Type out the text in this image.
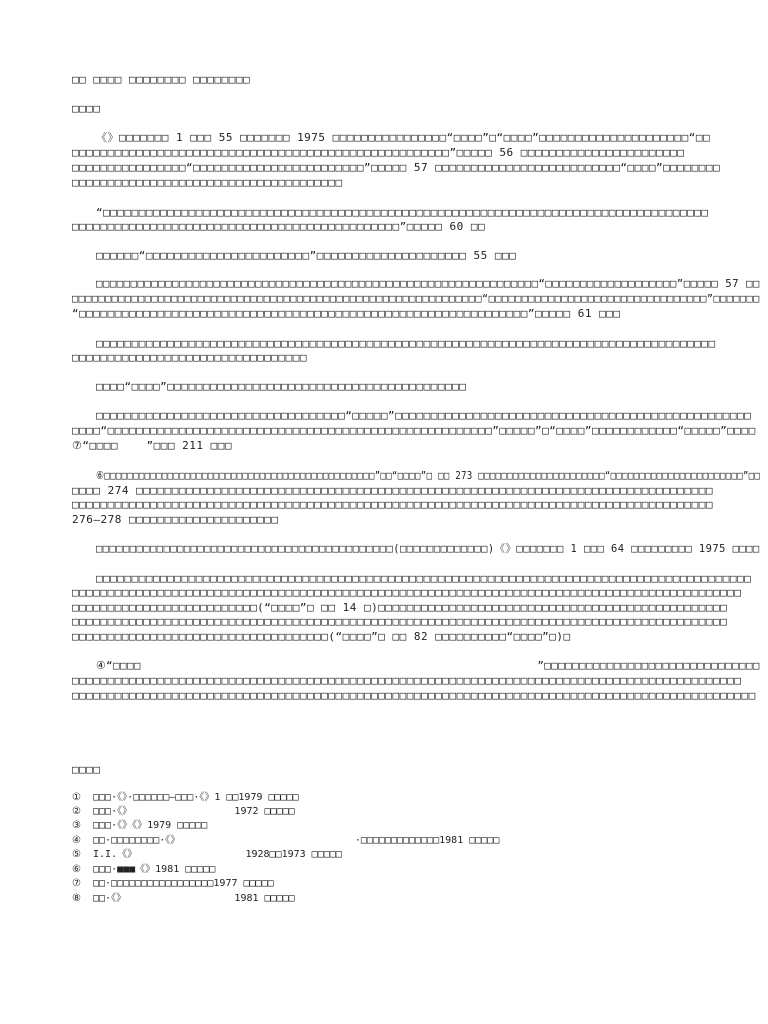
□□ □□□□ □□□□□□□□ □□□□□□□□
□□□□
《》□□□□□□□ 1 □□□ 55 □□□□□□□ 1975 □□□□□□□□□□□□□□□□“□□□□”□“□□□□”□□□□□□□□□□□□□□□□□□□□□“□□
□□□□□□□□□□□□□□□□□□□□□□□□□□□□□□□□□□□□□□□□□□□□□□□□□□□□□”□□□□□ 56 □□□□□□□□□□□□□□□□□□□□□□□
□□□□□□□□□□□□□□□□“□□□□□□□□□□□□□□□□□□□□□□□□”□□□□□ 57 □□□□□□□□□□□□□□□□□□□□□□□□□□“□□□□”□□□□□□□□
□□□□□□□□□□□□□□□□□□□□□□□□□□□□□□□□□□□□□□
“□□□□□□□□□□□□□□□□□□□□□□□□□□□□□□□□□□□□□□□□□□□□□□□□□□□□□□□□□□□□□□□□□□□□□□□□□□□□□□□□□□□□□
□□□□□□□□□□□□□□□□□□□□□□□□□□□□□□□□□□□□□□□□□□□□□□”□□□□□ 60 □□
□□□□□□“□□□□□□□□□□□□□□□□□□□□□□□”□□□□□□□□□□□□□□□□□□□□□ 55 □□□
□□□□□□□□□□□□□□□□□□□□□□□□□□□□□□□□□□□□□□□□□□□□□□□□□□□□□□□□□□□□□□□□“□□□□□□□□□□□□□□□□□□□”□□□□□ 57 □□
□□□□□□□□□□□□□□□□□□□□□□□□□□□□□□□□□□□□□□□□□□□□□□□□□□□□□□□□□□□□□□“□□□□□□□□□□□□□□□□□□□□□□□□□□□□□□□□□”□□□□□□□
“□□□□□□□□□□□□□□□□□□□□□□□□□□□□□□□□□□□□□□□□□□□□□□□□□□□□□□□□□□□□□□□”□□□□□ 61 □□□
□□□□□□□□□□□□□□□□□□□□□□□□□□□□□□□□□□□□□□□□□□□□□□□□□□□□□□□□□□□□□□□□□□□□□□□□□□□□□□□□□□□□□□□
□□□□□□□□□□□□□□□□□□□□□□□□□□□□□□□□□
□□□□“□□□□”□□□□□□□□□□□□□□□□□□□□□□□□□□□□□□□□□□□□□□□□□□
□□□□□□□□□□□□□□□□□□□□□□□□□□□□□□□□□□□“□□□□□”□□□□□□□□□□□□□□□□□□□□□□□□□□□□□□□□□□□□□□□□□□□□□□□□□□
□□□□“□□□□□□□□□□□□□□□□□□□□□□□□□□□□□□□□□□□□□□□□□□□□□□□□□□□□□□”□□□□□”□“□□□□”□□□□□□□□□□□□“□□□□□”□□□□
⑦“□□□□    ”□□□ 211 □□□
⑥□□□□□□□□□□□□□□□□□□□□□□□□□□□□□□□□□□□□□□□□□□□□□□□”□□“□□□□”□ □□ 273 □□□□□□□□□□□□□□□□□□□□□□“□□□□□□□□□□□□□□□□□□□□□□□”□□
□□□□ 274 □□□□□□□□□□□□□□□□□□□□□□□□□□□□□□□□□□□□□□□□□□□□□□□□□□□□□□□□□□□□□□□□□□□□□□□□□□□□□□□□□
□□□□□□□□□□□□□□□□□□□□□□□□□□□□□□□□□□□□□□□□□□□□□□□□□□□□□□□□□□□□□□□□□□□□□□□□□□□□□□□□□□□□□□□□□□
276–278 □□□□□□□□□□□□□□□□□□□□□
□□□□□□□□□□□□□□□□□□□□□□□□□□□□□□□□□□□□□□□□□□□□(□□□□□□□□□□□□□)《》□□□□□□□ 1 □□□ 64 □□□□□□□□□ 1975 □□□□
□□□□□□□□□□□□□□□□□□□□□□□□□□□□□□□□□□□□□□□□□□□□□□□□□□□□□□□□□□□□□□□□□□□□□□□□□□□□□□□□□□□□□□□□□□□□
□□□□□□□□□□□□□□□□□□□□□□□□□□□□□□□□□□□□□□□□□□□□□□□□□□□□□□□□□□□□□□□□□□□□□□□□□□□□□□□□□□□□□□□□□□□□□□
□□□□□□□□□□□□□□□□□□□□□□□□□□(“□□□□”□ □□ 14 □)□□□□□□□□□□□□□□□□□□□□□□□□□□□□□□□□□□□□□□□□□□□□□□□□□
□□□□□□□□□□□□□□□□□□□□□□□□□□□□□□□□□□□□□□□□□□□□□□□□□□□□□□□□□□□□□□□□□□□□□□□□□□□□□□□□□□□□□□□□□□□□
□□□□□□□□□□□□□□□□□□□□□□□□□□□□□□□□□□□□(“□□□□”□ □□ 82 □□□□□□□□□□“□□□□”□)□
④“□□□□                                                         ”□□□□□□□□□□□□□□□□□□□□□□□□□□□□□□□
□□□□□□□□□□□□□□□□□□□□□□□□□□□□□□□□□□□□□□□□□□□□□□□□□□□□□□□□□□□□□□□□□□□□□□□□□□□□□□□□□□□□□□□□□□□□□□
□□□□□□□□□□□□□□□□□□□□□□□□□□□□□□□□□□□□□□□□□□□□□□□□□□□□□□□□□□□□□□□□□□□□□□□□□□□□□□□□□□□□□□□□□□□□□□□□
□□□□
①  □□□·《》·□□□□□□—□□□·《》1 □□1979 □□□□□
②  □□□·《》                 1972 □□□□□
③  □□□·《》《》1979 □□□□□
④  □□·□□□□□□□□·《》                             ·□□□□□□□□□□□□□1981 □□□□□
⑤  I.I.《》                  1928□□1973 □□□□□
⑥  □□□·■■■《》1981 □□□□□
⑦  □□·□□□□□□□□□□□□□□□□□1977 □□□□□
⑧  □□·《》                  1981 □□□□□
